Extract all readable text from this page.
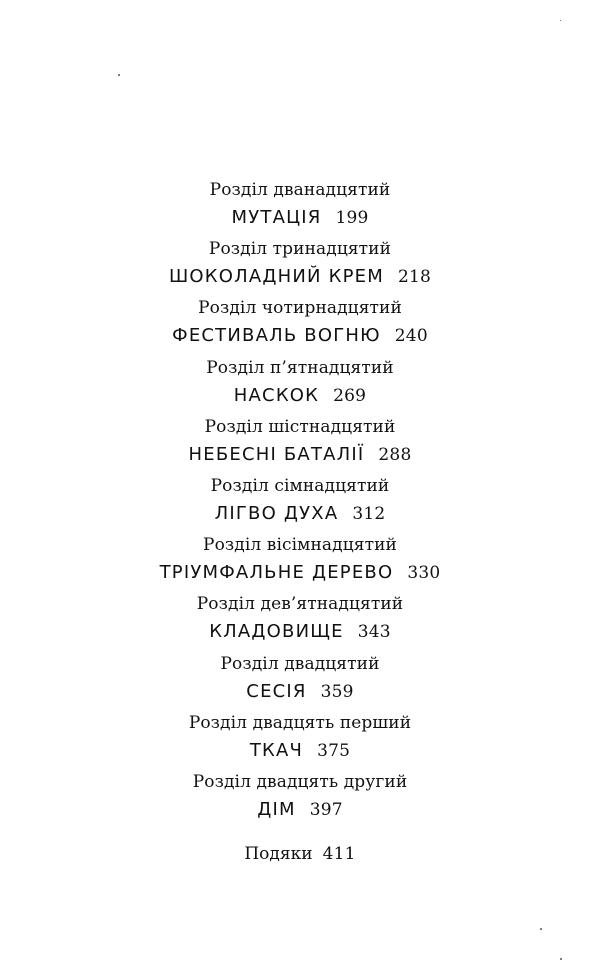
Розділ дванадцятий
МУТАЦІЯ 199
Розділ тринадцятий
ШОКОЛАДНИЙ КРЕМ 218
Розділ чотирнадцятий
ФЕСТИВАЛЬ ВОГНЮ 240
Розділ п’ятнадцятий
НАСКОК 269
Розділ шістнадцятий
НЕБЕСНІ БАТАЛІЇ 288
Розділ сімнадцятий
ЛІГВО ДУХА 312
Розділ вісімнадцятий
ТРІУМФАЛЬНЕ ДЕРЕВО 330
Розділ дев’ятнадцятий
КЛАДОВИЩЕ 343
Розділ двадцятий
СЕСІЯ 359
Розділ двадцять перший
ТКАЧ 375
Розділ двадцять другий
ДІМ 397
Подяки 411
